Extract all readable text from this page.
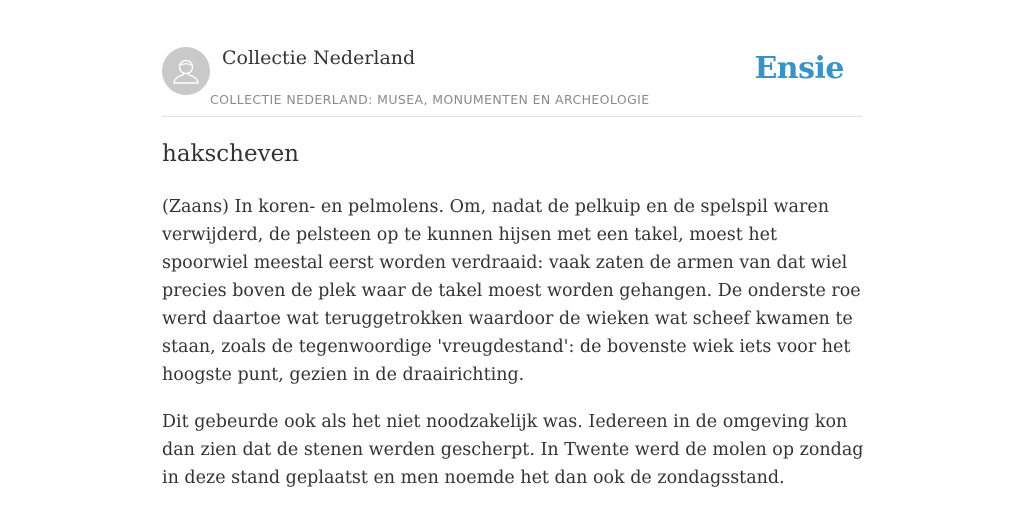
Collectie Nederland
COLLECTIE NEDERLAND: MUSEA, MONUMENTEN EN ARCHEOLOGIE
Ensie
hakscheven

(Zaans) In koren- en pelmolens. Om, nadat de pelkuip en de spelspil waren verwijderd, de pelsteen op te kunnen hijsen met een takel, moest het spoorwiel meestal eerst worden verdraaid: vaak zaten de armen van dat wiel precies boven de plek waar de takel moest worden gehangen. De onderste roe werd daartoe wat teruggetrokken waardoor de wieken wat scheef kwamen te staan, zoals de tegenwoordige 'vreugdestand': de bovenste wiek iets voor het hoogste punt, gezien in de draairichting.

Dit gebeurde ook als het niet noodzakelijk was. Iedereen in de omgeving kon dan zien dat de stenen werden gescherpt. In Twente werd de molen op zondag in deze stand geplaatst en men noemde het dan ook de zondagsstand.
